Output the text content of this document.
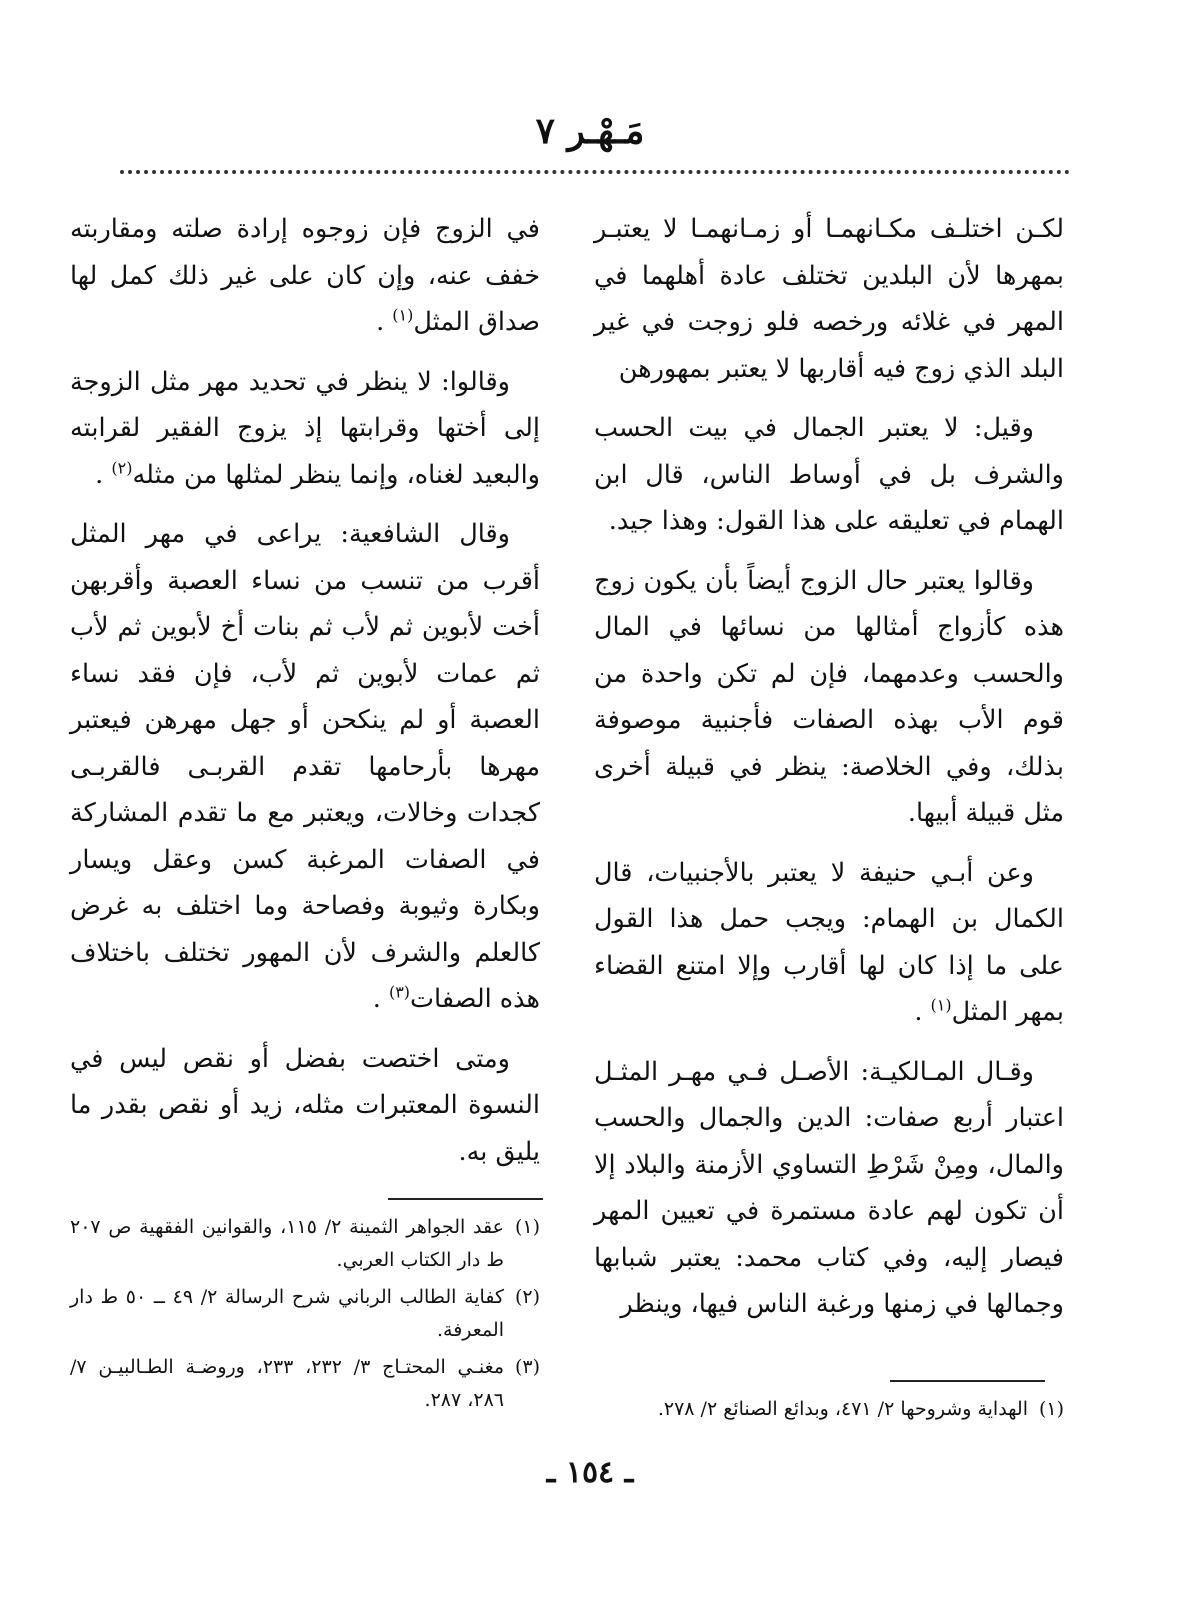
مَـهْـر ٧

لكـن اختلـف مكـانهمـا أو زمـانهمـا لا يعتبـر بمهرها لأن البلدين تختلف عادة أهلهما في المهر في غلائه ورخصه فلو زوجت في غير البلد الذي زوج فيه أقاربها لا يعتبر بمهورهن

وقيل: لا يعتبر الجمال في بيت الحسب والشرف بل في أوساط الناس، قال ابن الهمام في تعليقه على هذا القول: وهذا جيد.

وقالوا يعتبر حال الزوج أيضاً بأن يكون زوج هذه كأزواج أمثالها من نسائها في المال والحسب وعدمهما، فإن لم تكن واحدة من قوم الأب بهذه الصفات فأجنبية موصوفة بذلك، وفي الخلاصة: ينظر في قبيلة أخرى مثل قبيلة أبيها.

وعن أبـي حنيفة لا يعتبر بالأجنبيات، قال الكمال بن الهمام: ويجب حمل هذا القول على ما إذا كان لها أقارب وإلا امتنع القضاء بمهر المثل$^{(١)}$ .

وقـال المـالكيـة: الأصـل فـي مهـر المثـل اعتبار أربع صفات: الدين والجمال والحسب والمال، ومِنْ شَرْطِ التساوي الأزمنة والبلاد إلا أن تكون لهم عادة مستمرة في تعيين المهر فيصار إليه، وفي كتاب محمد: يعتبر شبابها وجمالها في زمنها ورغبة الناس فيها، وينظر

(١)
الهداية وشروحها ٢/ ٤٧١، وبدائع الصنائع ٢/ ٢٧٨.

في الزوج فإن زوجوه إرادة صلته ومقاربته خفف عنه، وإن كان على غير ذلك كمل لها صداق المثل$^{(١)}$ .

وقالوا: لا ينظر في تحديد مهر مثل الزوجة إلى أختها وقرابتها إذ يزوج الفقير لقرابته والبعيد لغناه، وإنما ينظر لمثلها من مثله$^{(٢)}$ .

وقال الشافعية: يراعى في مهر المثل أقرب من تنسب من نساء العصبة وأقربهن أخت لأبوين ثم لأب ثم بنات أخ لأبوين ثم لأب ثم عمات لأبوين ثم لأب، فإن فقد نساء العصبة أو لم ينكحن أو جهل مهرهن فيعتبر مهرها بأرحامها تقدم القربـى فالقربـى كجدات وخالات، ويعتبر مع ما تقدم المشاركة في الصفات المرغبة كسن وعقل ويسار وبكارة وثيوبة وفصاحة وما اختلف به غرض كالعلم والشرف لأن المهور تختلف باختلاف هذه الصفات$^{(٣)}$ .

ومتى اختصت بفضل أو نقص ليس في النسوة المعتبرات مثله، زيد أو نقص بقدر ما يليق به.

(١)
عقد الجواهر الثمينة ٢/ ١١٥، والقوانين الفقهية ص ٢٠٧ ط دار الكتاب العربي.
(٢)
كفاية الطالب الرباني شرح الرسالة ٢/ ٤٩ ــ ٥٠ ط دار المعرفة.
(٣)
مغنـي المحتـاج ٣/ ٢٣٢، ٢٣٣، وروضـة الطـالبيـن ٧/ ٢٨٦، ٢٨٧.
ـ ١٥٤ ـ
